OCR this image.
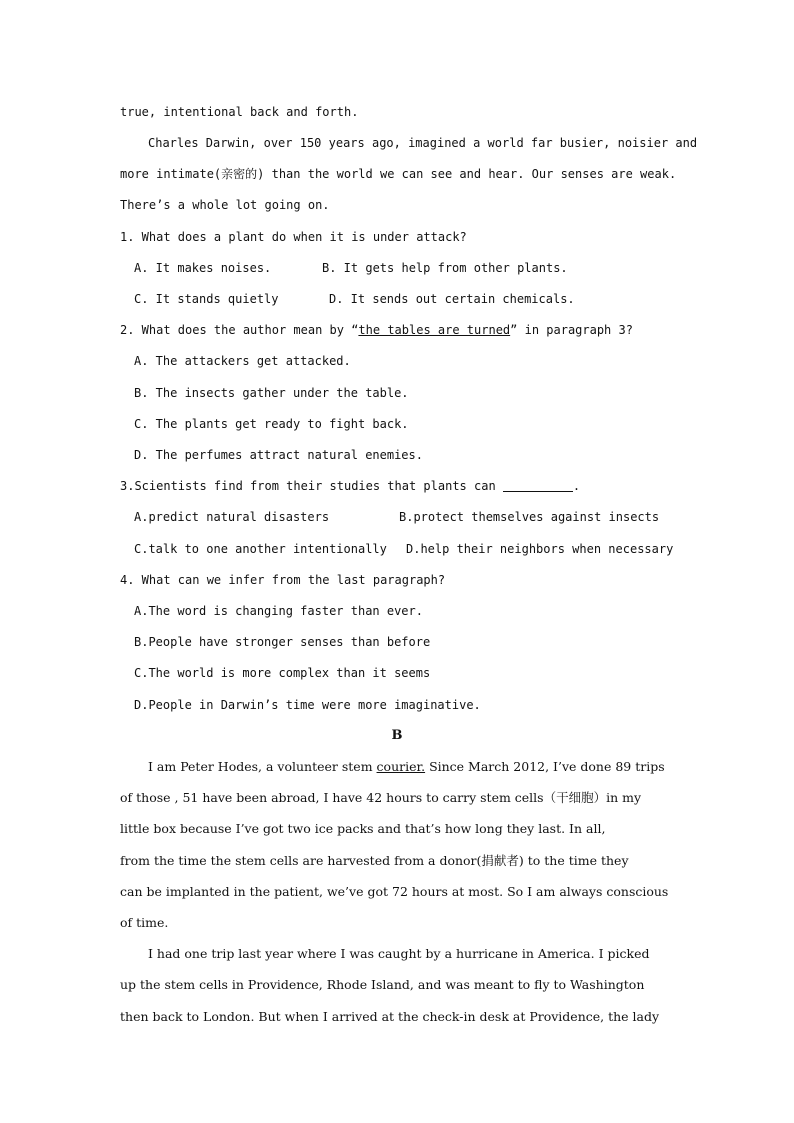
true, intentional back and forth.
Charles Darwin, over 150 years ago, imagined a world far busier, noisier and
more intimate(亲密的) than the world we can see and hear. Our senses are weak.
There’s a whole lot going on.
1. What does a plant do when it is under attack?
A. It makes noises.	B. It gets help from other plants.
C. It stands quietly	D. It sends out certain chemicals.
2. What does the author mean by “the tables are turned” in paragraph 3?
A. The attackers get attacked.
B. The insects gather under the table.
C. The plants get ready to fight back.
D. The perfumes attract natural enemies.
3.Scientists find from their studies that plants can	.
A.predict natural disasters	B.protect themselves against insects
C.talk to one another intentionally	D.help their neighbors when necessary
4. What can we infer from the last paragraph?
A.The word is changing faster than ever.
B.People have stronger senses than before
C.The world is more complex than it seems
D.People in Darwin’s time were more imaginative.
B
I am Peter Hodes, a volunteer stem courier. Since March 2012, I’ve done 89 trips
of those , 51 have been abroad, I have 42 hours to carry stem cells（干细胞）in my
little box because I’ve got two ice packs and that’s how long they last. In all,
from the time the stem cells are harvested from a donor(捐献者) to the time they
can be implanted in the patient, we’ve got 72 hours at most. So I am always conscious
of time.
I had one trip last year where I was caught by a hurricane in America. I picked
up the stem cells in Providence, Rhode Island, and was meant to fly to Washington
then back to London. But when I arrived at the check-in desk at Providence, the lady
